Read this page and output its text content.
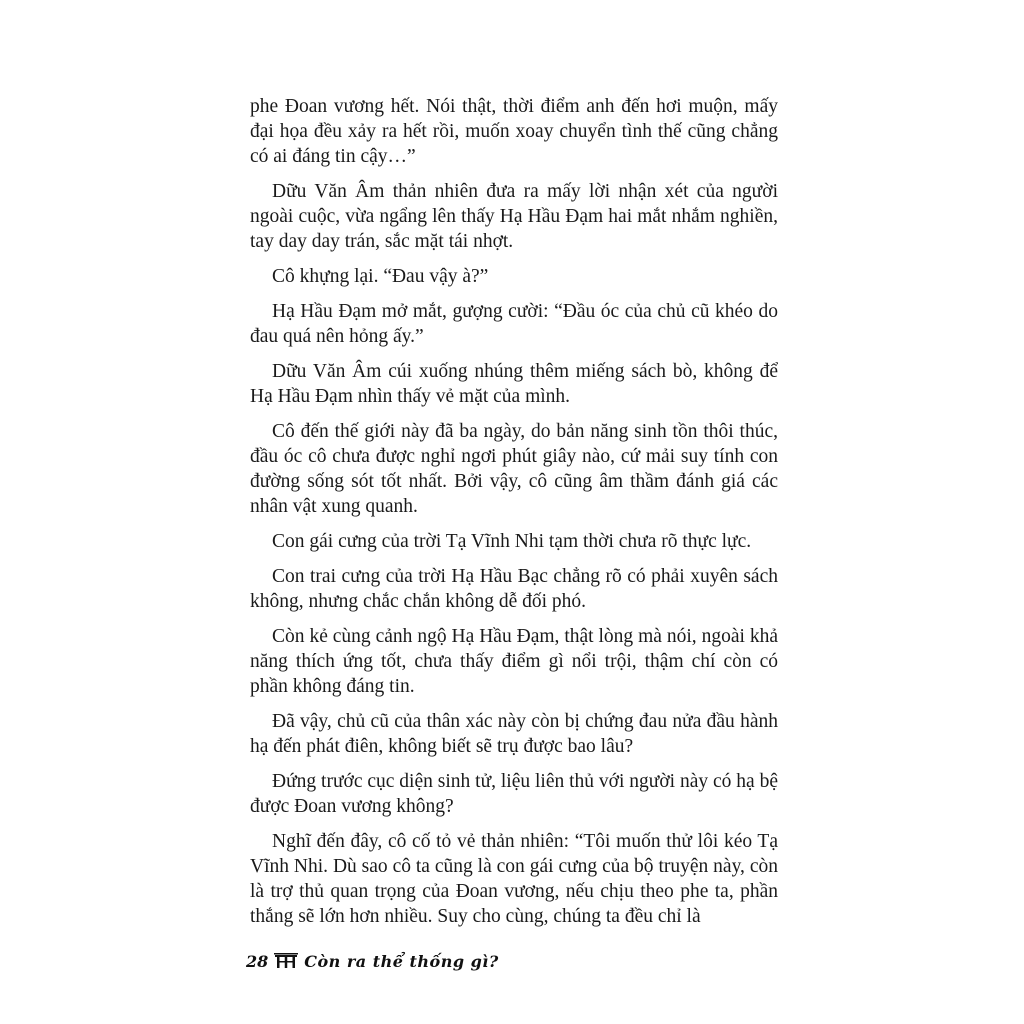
phe Đoan vương hết. Nói thật, thời điểm anh đến hơi muộn, mấy đại họa đều xảy ra hết rồi, muốn xoay chuyển tình thế cũng chẳng có ai đáng tin cậy…”

Dữu Văn Âm thản nhiên đưa ra mấy lời nhận xét của người ngoài cuộc, vừa ngẩng lên thấy Hạ Hầu Đạm hai mắt nhắm nghiền, tay day day trán, sắc mặt tái nhợt.

Cô khựng lại. “Đau vậy à?”

Hạ Hầu Đạm mở mắt, gượng cười: “Đầu óc của chủ cũ khéo do đau quá nên hỏng ấy.”

Dữu Văn Âm cúi xuống nhúng thêm miếng sách bò, không để Hạ Hầu Đạm nhìn thấy vẻ mặt của mình.

Cô đến thế giới này đã ba ngày, do bản năng sinh tồn thôi thúc, đầu óc cô chưa được nghỉ ngơi phút giây nào, cứ mải suy tính con đường sống sót tốt nhất. Bởi vậy, cô cũng âm thầm đánh giá các nhân vật xung quanh.

Con gái cưng của trời Tạ Vĩnh Nhi tạm thời chưa rõ thực lực.

Con trai cưng của trời Hạ Hầu Bạc chẳng rõ có phải xuyên sách không, nhưng chắc chắn không dễ đối phó.

Còn kẻ cùng cảnh ngộ Hạ Hầu Đạm, thật lòng mà nói, ngoài khả năng thích ứng tốt, chưa thấy điểm gì nổi trội, thậm chí còn có phần không đáng tin.

Đã vậy, chủ cũ của thân xác này còn bị chứng đau nửa đầu hành hạ đến phát điên, không biết sẽ trụ được bao lâu?

Đứng trước cục diện sinh tử, liệu liên thủ với người này có hạ bệ được Đoan vương không?

Nghĩ đến đây, cô cố tỏ vẻ thản nhiên: “Tôi muốn thử lôi kéo Tạ Vĩnh Nhi. Dù sao cô ta cũng là con gái cưng của bộ truyện này, còn là trợ thủ quan trọng của Đoan vương, nếu chịu theo phe ta, phần thắng sẽ lớn hơn nhiều. Suy cho cùng, chúng ta đều chỉ là

28 Còn ra thể thống gì?
